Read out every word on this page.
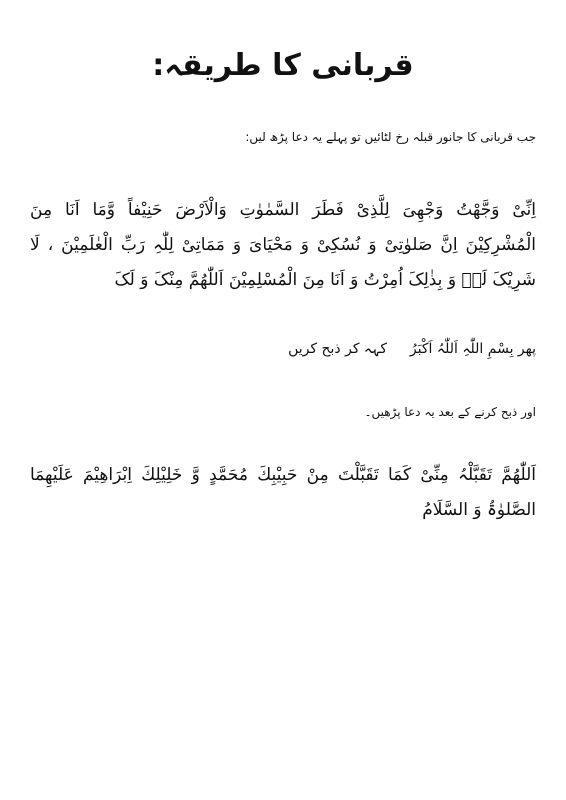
قربانی کا طریقہ:
جب قربانی کا جانور قبلہ رخ لٹائیں تو پہلے یہ دعا پڑھ لیں:
اِنِّیْ وَجَّھْتُ وَجْھِیَ لِلَّذِیْ فَطَرَ السَّمٰوٰتِ وَالْاَرْضَ حَنِیْفاً وَّمَا اَنَا مِنَ الْمُشْرِکِیْنَ اِنَّ صَلوٰتِیْ وَ نُسُکِیْ وَ مَحْیَایَ وَ مَمَاتِیْ لِلّٰہِ رَبِّ الْعٰلَمِیْنَ ، لَا شَرِیْکَ لَہٗ وَ بِذٰلِکَ اُمِرْتُ وَ اَنَا مِنَ الْمُسْلِمِیْنَ اَللّٰھُمَّ مِنْکَ وَ لَکَ
پھر بِسْمِ اللّٰہِ اَللّٰہُ اَکْبَرُ  کہہ کر ذبح کریں
اور ذبح کرنے کے بعد یہ دعا پڑھیں۔
اَللّٰھُمَّ تَقَبَّلْہُ مِنِّیْ کَمَا تَقَبَّلْتَ مِنْ حَبِیْبِكَ مُحَمَّدٍ وَّ خَلِیْلِكَ اِبْرَاھِیْمَ عَلَیْهِمَا الصَّلوٰۃُ وَ السَّلَامُ
